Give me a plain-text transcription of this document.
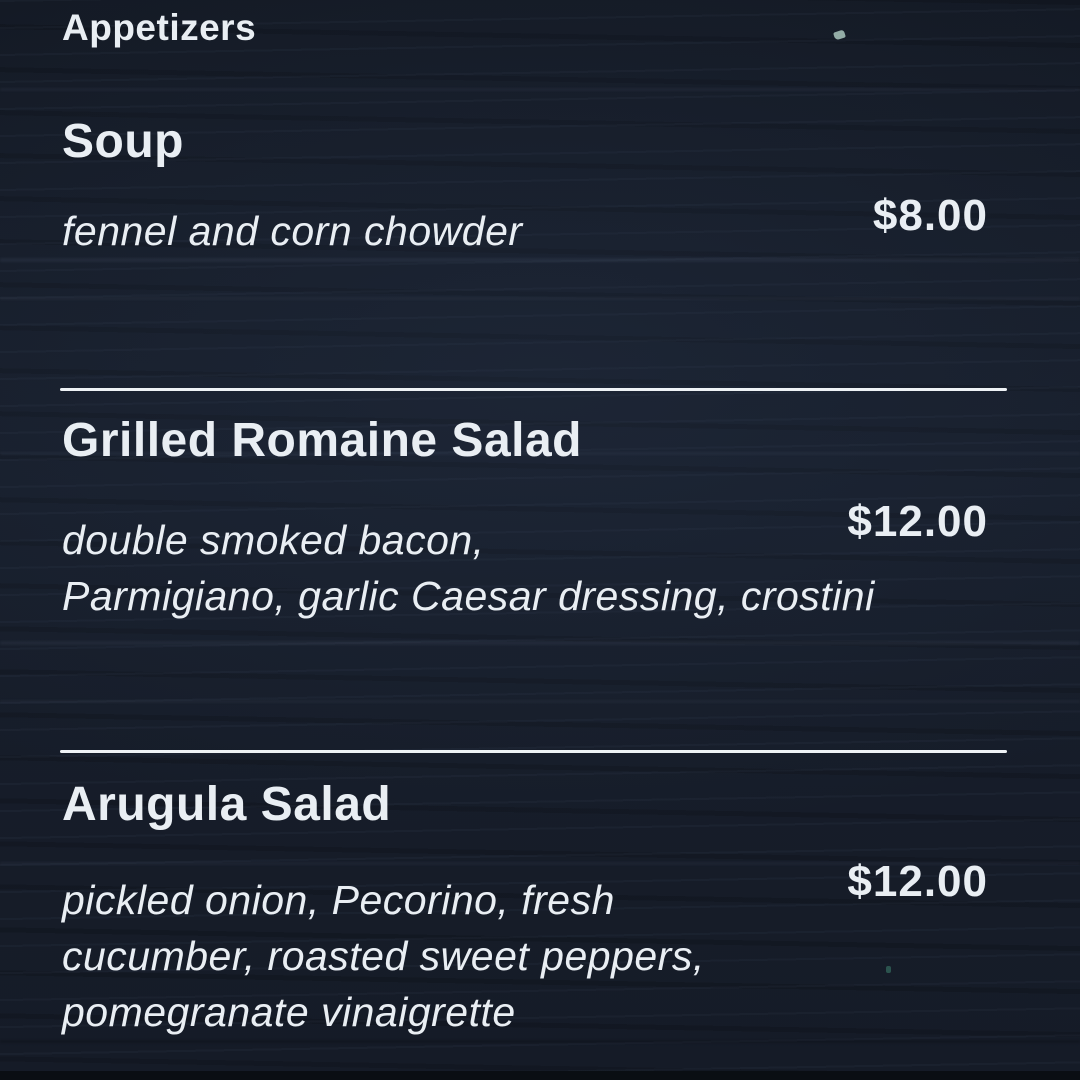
Appetizers
Soup
fennel and corn chowder	$8.00
Grilled Romaine Salad
double smoked bacon,
Parmigiano, garlic Caesar dressing, crostini
$12.00
Arugula Salad
pickled onion, Pecorino, fresh
cucumber, roasted sweet peppers,
pomegranate vinaigrette
$12.00
